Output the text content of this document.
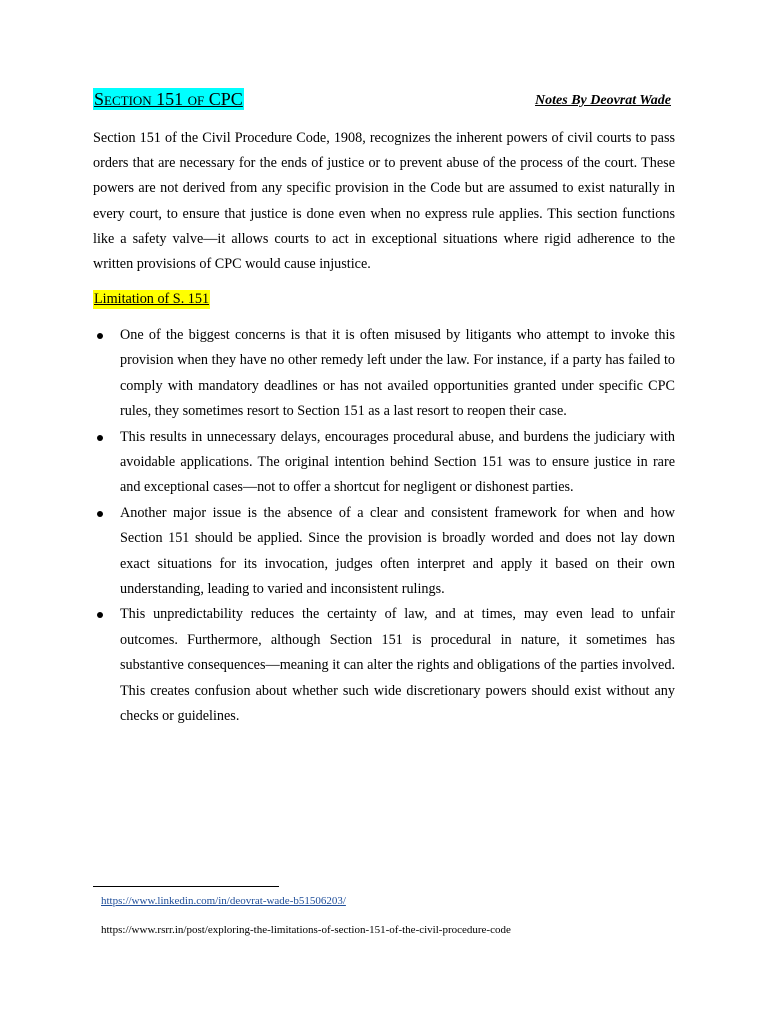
Section 151 of CPC	Notes By Deovrat Wade

Section 151 of the Civil Procedure Code, 1908, recognizes the inherent powers of civil courts to pass orders that are necessary for the ends of justice or to prevent abuse of the process of the court. These powers are not derived from any specific provision in the Code but are assumed to exist naturally in every court, to ensure that justice is done even when no express rule applies. This section functions like a safety valve—it allows courts to act in exceptional situations where rigid adherence to the written provisions of CPC would cause injustice.

Limitation of S. 151

One of the biggest concerns is that it is often misused by litigants who attempt to invoke this provision when they have no other remedy left under the law. For instance, if a party has failed to comply with mandatory deadlines or has not availed opportunities granted under specific CPC rules, they sometimes resort to Section 151 as a last resort to reopen their case.
This results in unnecessary delays, encourages procedural abuse, and burdens the judiciary with avoidable applications. The original intention behind Section 151 was to ensure justice in rare and exceptional cases—not to offer a shortcut for negligent or dishonest parties.
Another major issue is the absence of a clear and consistent framework for when and how Section 151 should be applied. Since the provision is broadly worded and does not lay down exact situations for its invocation, judges often interpret and apply it based on their own understanding, leading to varied and inconsistent rulings.
This unpredictability reduces the certainty of law, and at times, may even lead to unfair outcomes. Furthermore, although Section 151 is procedural in nature, it sometimes has substantive consequences—meaning it can alter the rights and obligations of the parties involved. This creates confusion about whether such wide discretionary powers should exist without any checks or guidelines.

https://www.linkedin.com/in/deovrat-wade-b51506203/

https://www.rsrr.in/post/exploring-the-limitations-of-section-151-of-the-civil-procedure-code
